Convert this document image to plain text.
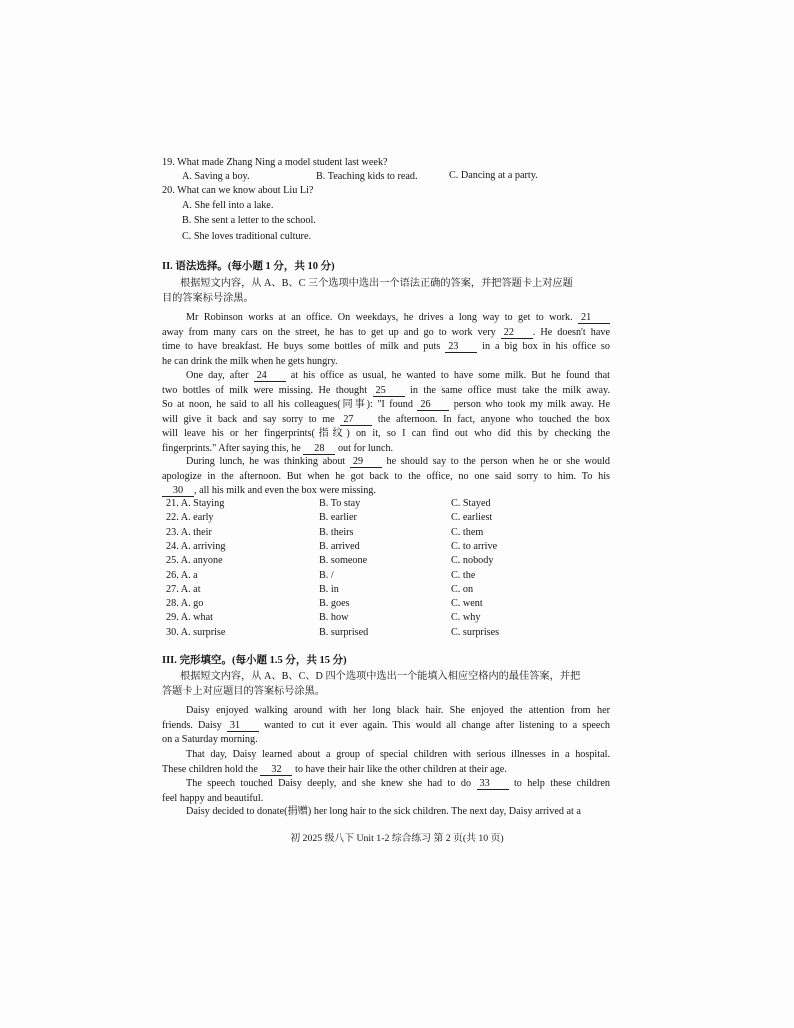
19. What made Zhang Ning a model student last week?
A. Saving a boy.	B. Teaching kids to read.	C. Dancing at a party.
20. What can we know about Liu Li?
A. She fell into a lake.
B. She sent a letter to the school.
C. She loves traditional culture.
II. 语法选择。(每小题 1 分，共 10 分)
根据短文内容，从 A、B、C 三个选项中选出一个语法正确的答案，并把答题卡上对应题
目的答案标号涂黑。
Mr Robinson works at an office. On weekdays, he drives a long way to get to work. 21
away from many cars on the street, he has to get up and go to work very 22 . He doesn't have
time to have breakfast. He buys some bottles of milk and puts 23 in a big box in his office so
he can drink the milk when he gets hungry.
One day, after 24 at his office as usual, he wanted to have some milk. But he found that
two bottles of milk were missing. He thought 25 in the same office must take the milk away.
So at noon, he said to all his colleagues(同事): "I found 26 person who took my milk away. He
will give it back and say sorry to me 27 the afternoon. In fact, anyone who touched the box
will leave his or her fingerprints(指纹) on it, so I can find out who did this by checking the
fingerprints." After saying this, he 28 out for lunch.
During lunch, he was thinking about 29 he should say to the person when he or she would
apologize in the afternoon. But when he got back to the office, no one said sorry to him. To his
30 , all his milk and even the box were missing.
21. A. Staying	B. To stay	C. Stayed
22. A. early	B. earlier	C. earliest
23. A. their	B. theirs	C. them
24. A. arriving	B. arrived	C. to arrive
25. A. anyone	B. someone	C. nobody
26. A. a	B. /	C. the
27. A. at	B. in	C. on
28. A. go	B. goes	C. went
29. A. what	B. how	C. why
30. A. surprise	B. surprised	C. surprises
III. 完形填空。(每小题 1.5 分，共 15 分)
根据短文内容，从 A、B、C、D 四个选项中选出一个能填入相应空格内的最佳答案，并把
答题卡上对应题目的答案标号涂黑。
Daisy enjoyed walking around with her long black hair. She enjoyed the attention from her
friends. Daisy 31 wanted to cut it ever again. This would all change after listening to a speech
on a Saturday morning.
That day, Daisy learned about a group of special children with serious illnesses in a hospital.
These children hold the 32 to have their hair like the other children at their age.
The speech touched Daisy deeply, and she knew she had to do 33 to help these children
feel happy and beautiful.
Daisy decided to donate(捐赠) her long hair to the sick children. The next day, Daisy arrived at a
初 2025 级八下 Unit 1-2 综合练习 第 2 页(共 10 页)
